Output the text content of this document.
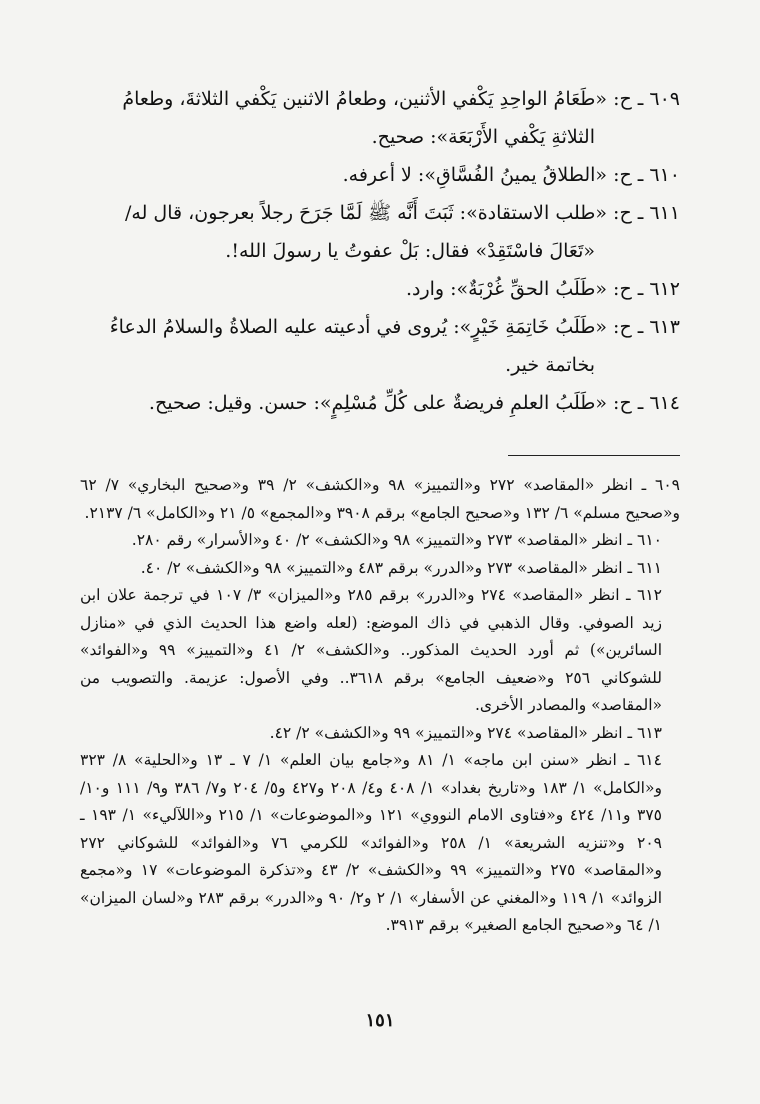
٦٠٩ ـ ح: «طَعَامُ الواحِدِ يَكْفي الأثنين، وطعامُ الاثنين يَكْفي الثلاثةَ، وطعامُ
الثلاثةِ يَكْفي الأَرْبَعَة»: صحيح.

٦١٠ ـ ح: «الطلاقُ يمينُ الفُسَّاقِ»: لا أعرفه.

٦١١ ـ ح: «طلب الاستقادة»: ثَبَتَ أَنَّه ﷺ لَمَّا جَرَحَ رجلاً بعرجون، قال له/
«تَعَالَ فاسْتَقِدْ» فقال: بَلْ عفوتُ يا رسولَ الله!.

٦١٢ ـ ح: «طَلَبُ الحقِّ غُرْبَةٌ»: وارد.

٦١٣ ـ ح: «طَلَبُ خَاتِمَةِ خَيْرٍ»: يُروى في أدعيته عليه الصلاةُ والسلامُ الدعاءُ
بخاتمة خير.

٦١٤ ـ ح: «طَلَبُ العلمِ فريضةٌ على كُلِّ مُسْلِمٍ»: حسن. وقيل: صحيح.

٦٠٩ ـ انظر «المقاصد» ٢٧٢ و«التمييز» ٩٨ و«الكشف» ٢/ ٣٩ و«صحيح البخاري» ٧/ ٦٢ و«صحيح مسلم» ٦/ ١٣٢ و«صحيح الجامع» برقم ٣٩٠٨ و«المجمع» ٥/ ٢١ و«الكامل» ٦/ ٢١٣٧.

٦١٠ ـ انظر «المقاصد» ٢٧٣ و«التمييز» ٩٨ و«الكشف» ٢/ ٤٠ و«الأسرار» رقم ٢٨٠.

٦١١ ـ انظر «المقاصد» ٢٧٣ و«الدرر» برقم ٤٨٣ و«التمييز» ٩٨ و«الكشف» ٢/ ٤٠.

٦١٢ ـ انظر «المقاصد» ٢٧٤ و«الدرر» برقم ٢٨٥ و«الميزان» ٣/ ١٠٧ في ترجمة علان ابن زيد الصوفي. وقال الذهبي في ذاك الموضع: (لعله واضع هذا الحديث الذي في «منازل السائرين») ثم أورد الحديث المذكور.. و«الكشف» ٢/ ٤١ و«التمييز» ٩٩ و«الفوائد» للشوكاني ٢٥٦ و«ضعيف الجامع» برقم ٣٦١٨.. وفي الأصول: عزيمة. والتصويب من «المقاصد» والمصادر الأخرى.

٦١٣ ـ انظر «المقاصد» ٢٧٤ و«التمييز» ٩٩ و«الكشف» ٢/ ٤٢.

٦١٤ ـ انظر «سنن ابن ماجه» ١/ ٨١ و«جامع بيان العلم» ١/ ٧ ـ ١٣ و«الحلية» ٨/ ٣٢٣ و«الكامل» ١/ ١٨٣ و«تاريخ بغداد» ١/ ٤٠٨ و٤/ ٢٠٨ و٤٢٧ و٥/ ٢٠٤ و٧/ ٣٨٦ و٩/ ١١١ و١٠/ ٣٧٥ و١١/ ٤٢٤ و«فتاوى الامام النووي» ١٢١ و«الموضوعات» ١/ ٢١٥ و«اللآليء» ١/ ١٩٣ ـ ٢٠٩ و«تنزيه الشريعة» ١/ ٢٥٨ و«الفوائد» للكرمي ٧٦ و«الفوائد» للشوكاني ٢٧٢ و«المقاصد» ٢٧٥ و«التمييز» ٩٩ و«الكشف» ٢/ ٤٣ و«تذكرة الموضوعات» ١٧ و«مجمع الزوائد» ١/ ١١٩ و«المغني عن الأسفار» ١/ ٢ و٢/ ٩٠ و«الدرر» برقم ٢٨٣ و«لسان الميزان» ١/ ٦٤ و«صحيح الجامع الصغير» برقم ٣٩١٣.

١٥١
